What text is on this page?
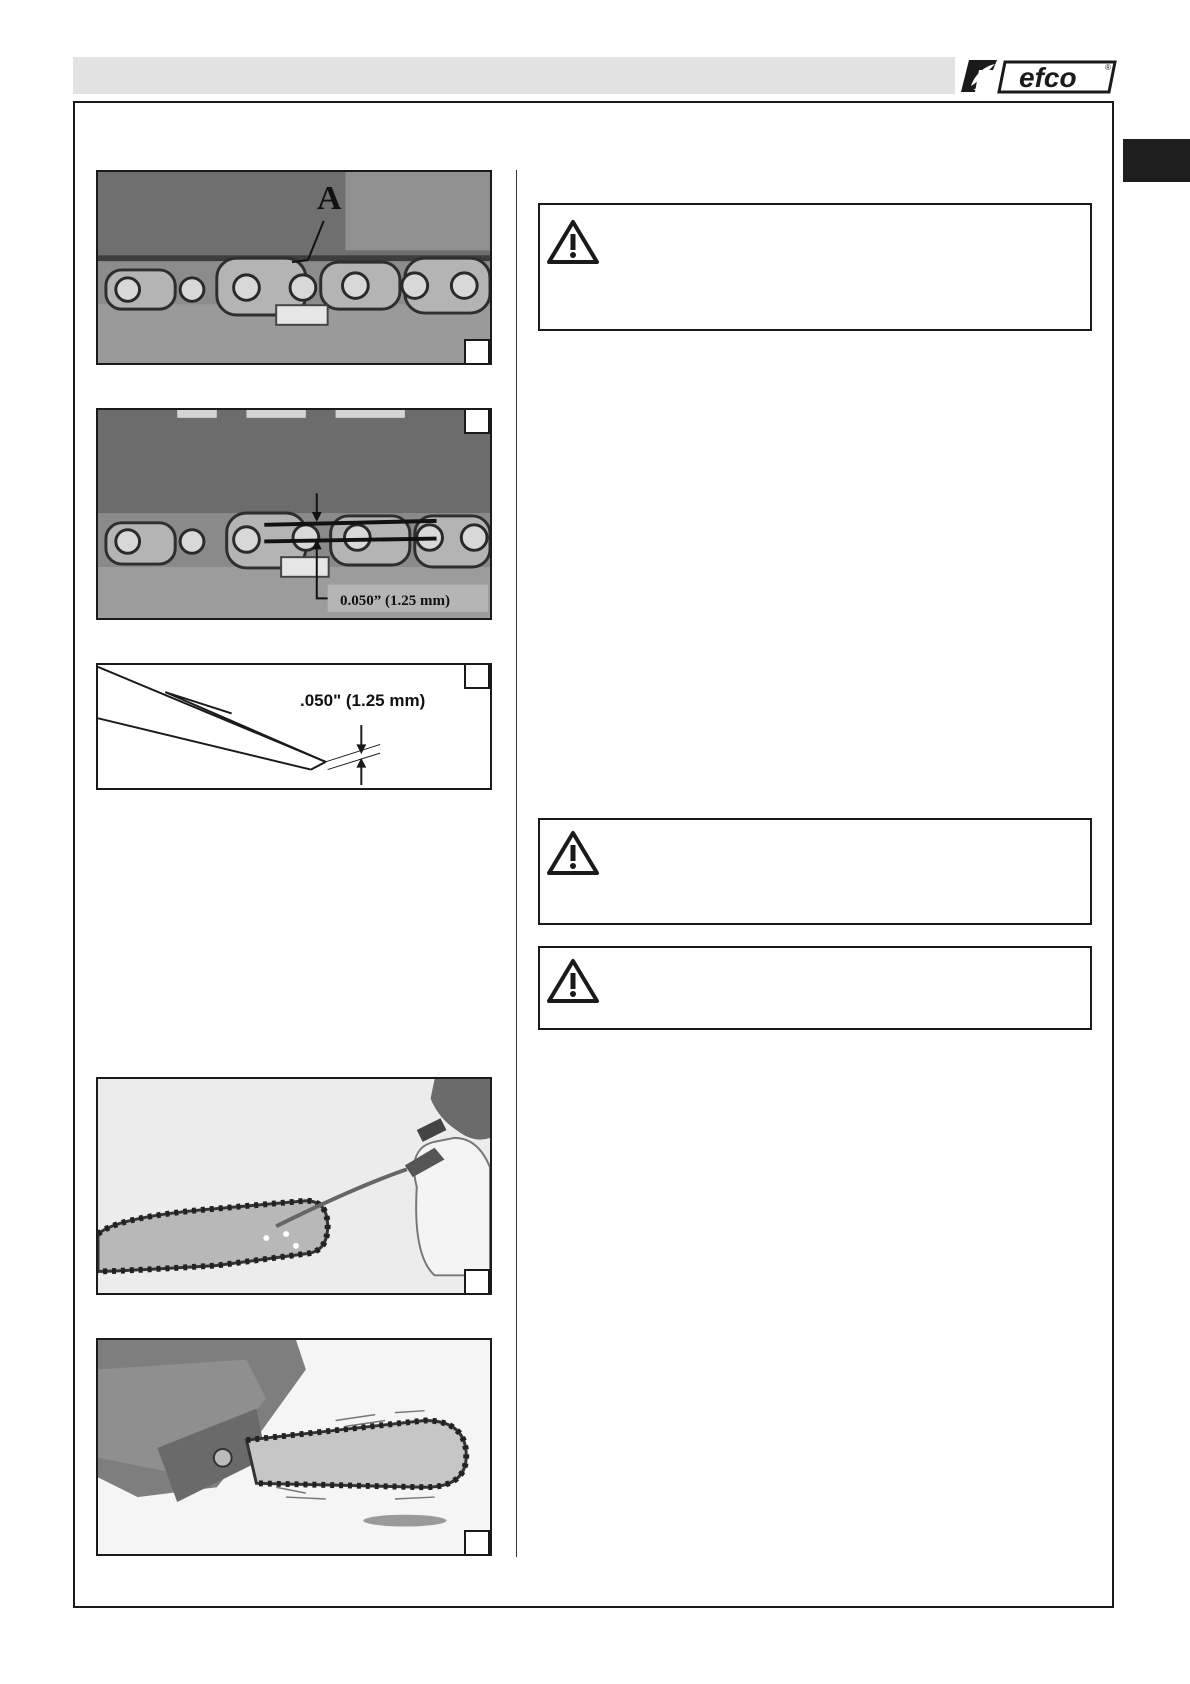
efco	®
A
0.050” (1.25 mm)
.050" (1.25 mm)
